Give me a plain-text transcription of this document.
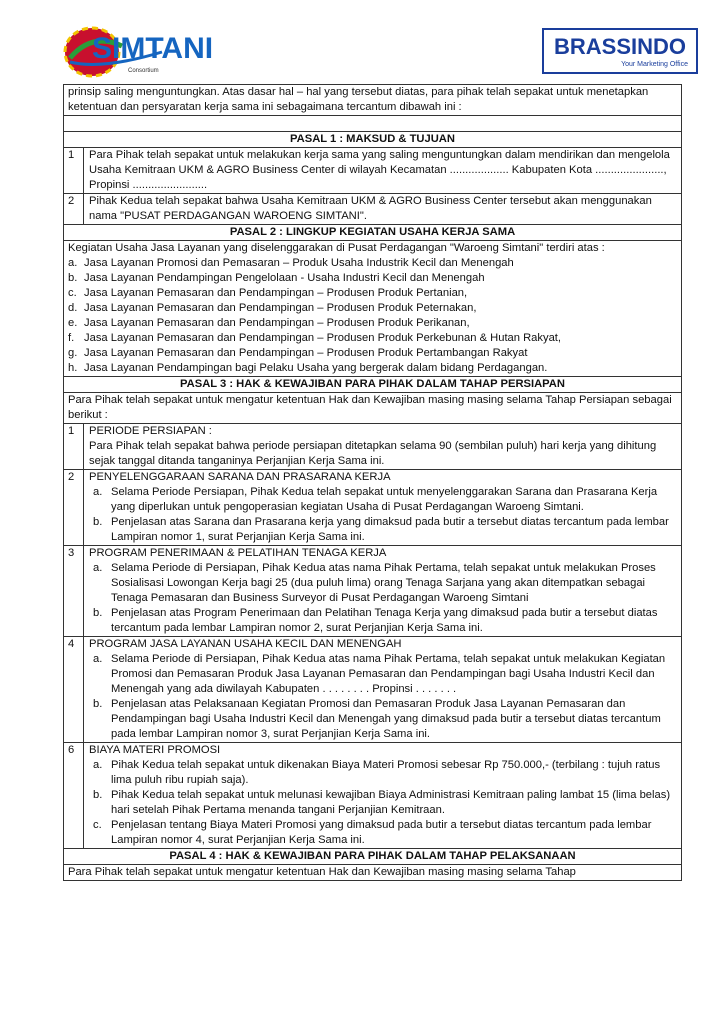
SIMTANI
Consortium
BRASSINDO
Your Marketing Office
prinsip saling menguntungkan. Atas dasar hal – hal yang tersebut diatas, para pihak telah sepakat untuk menetapkan ketentuan dan persyaratan kerja sama ini sebagaimana tercantum dibawah ini :
PASAL 1 : MAKSUD & TUJUAN
1	Para Pihak telah sepakat untuk melakukan kerja sama yang saling menguntungkan dalam mendirikan dan mengelola Usaha Kemitraan UKM & AGRO Business Center di wilayah Kecamatan ................... Kabupaten Kota ......................, Propinsi ........................
2	Pihak Kedua telah sepakat bahwa Usaha Kemitraan UKM & AGRO Business Center tersebut akan menggunakan nama "PUSAT PERDAGANGAN WAROENG SIMTANI".
PASAL 2 : LINGKUP KEGIATAN USAHA KERJA SAMA
Kegiatan Usaha Jasa Layanan yang diselenggarakan di Pusat Perdagangan "Waroeng Simtani" terdiri atas :
a. Jasa Layanan Promosi dan Pemasaran – Produk Usaha Industrik Kecil dan Menengah
b. Jasa Layanan Pendampingan Pengelolaan - Usaha Industri Kecil dan Menengah
c. Jasa Layanan Pemasaran dan Pendampingan – Produsen Produk Pertanian,
d. Jasa Layanan Pemasaran dan Pendampingan – Produsen Produk Peternakan,
e. Jasa Layanan Pemasaran dan Pendampingan – Produsen Produk Perikanan,
f. Jasa Layanan Pemasaran dan Pendampingan – Produsen Produk Perkebunan & Hutan Rakyat,
g. Jasa Layanan Pemasaran dan Pendampingan – Produsen Produk Pertambangan Rakyat
h. Jasa Layanan Pendampingan bagi Pelaku Usaha yang bergerak dalam bidang Perdagangan.
PASAL 3 : HAK & KEWAJIBAN PARA PIHAK DALAM TAHAP PERSIAPAN
Para Pihak telah sepakat untuk mengatur ketentuan Hak dan Kewajiban masing masing selama Tahap Persiapan sebagai berikut :
1	PERIODE PERSIAPAN :
Para Pihak telah sepakat bahwa periode persiapan ditetapkan selama 90 (sembilan puluh) hari kerja yang dihitung sejak tanggal ditanda tanganinya Perjanjian Kerja Sama ini.
2	PENYELENGGARAAN SARANA DAN PRASARANA KERJA
a. Selama Periode Persiapan, Pihak Kedua telah sepakat untuk menyelenggarakan Sarana dan Prasarana Kerja yang diperlukan untuk pengoperasian kegiatan Usaha di Pusat Perdagangan Waroeng Simtani.
b. Penjelasan atas Sarana dan Prasarana kerja yang dimaksud pada butir a tersebut diatas tercantum pada lembar Lampiran nomor 1, surat Perjanjian Kerja Sama ini.
3	PROGRAM PENERIMAAN & PELATIHAN TENAGA KERJA
a. Selama Periode di Persiapan, Pihak Kedua atas nama Pihak Pertama, telah sepakat untuk melakukan Proses Sosialisasi Lowongan Kerja bagi 25 (dua puluh lima) orang Tenaga Sarjana yang akan ditempatkan sebagai Tenaga Pemasaran dan Business Surveyor di Pusat Perdagangan Waroeng Simtani
b. Penjelasan atas Program Penerimaan dan Pelatihan Tenaga Kerja yang dimaksud pada butir a tersebut diatas tercantum pada lembar Lampiran nomor 2, surat Perjanjian Kerja Sama ini.
4	PROGRAM JASA LAYANAN USAHA KECIL DAN MENENGAH
a. Selama Periode di Persiapan, Pihak Kedua atas nama Pihak Pertama, telah sepakat untuk melakukan Kegiatan Promosi dan Pemasaran Produk Jasa Layanan Pemasaran dan Pendampingan bagi Usaha Industri Kecil dan Menengah yang ada diwilayah Kabupaten . . . . . . . . Propinsi . . . . . . .
b. Penjelasan atas Pelaksanaan Kegiatan Promosi dan Pemasaran Produk Jasa Layanan Pemasaran dan Pendampingan bagi Usaha Industri Kecil dan Menengah yang dimaksud pada butir a tersebut diatas tercantum pada lembar Lampiran nomor 3, surat Perjanjian Kerja Sama ini.
6	BIAYA MATERI PROMOSI
a. Pihak Kedua telah sepakat untuk dikenakan Biaya Materi Promosi sebesar Rp 750.000,- (terbilang : tujuh ratus lima puluh ribu rupiah saja).
b. Pihak Kedua telah sepakat untuk melunasi kewajiban Biaya Administrasi Kemitraan paling lambat 15 (lima belas) hari setelah Pihak Pertama menanda tangani Perjanjian Kemitraan.
c. Penjelasan tentang Biaya Materi Promosi yang dimaksud pada butir a tersebut diatas tercantum pada lembar Lampiran nomor 4, surat Perjanjian Kerja Sama ini.
PASAL 4 : HAK & KEWAJIBAN PARA PIHAK DALAM TAHAP PELAKSANAAN
Para Pihak telah sepakat untuk mengatur ketentuan Hak dan Kewajiban masing masing selama Tahap
